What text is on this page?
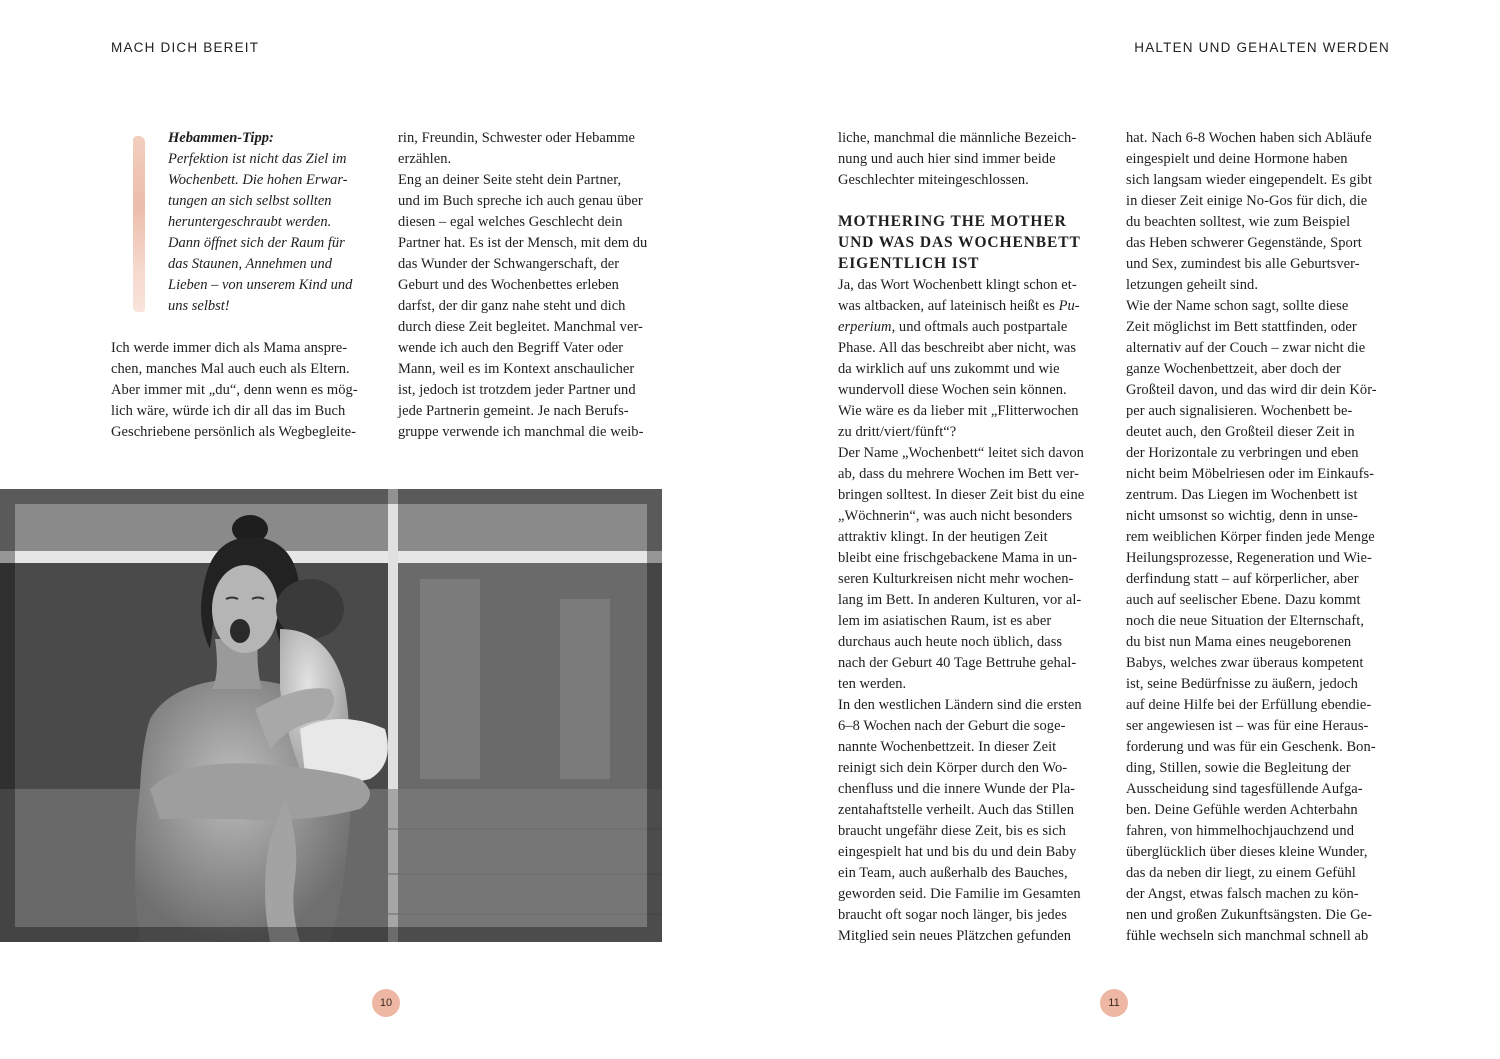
MACH DICH BEREIT
Hebammen-Tipp:
Perfektion ist nicht das Ziel im
Wochenbett. Die hohen Erwar-
tungen an sich selbst sollten
heruntergeschraubt werden.
Dann öffnet sich der Raum für
das Staunen, Annehmen und
Lieben – von unserem Kind und
uns selbst!
Ich werde immer dich als Mama anspre-
chen, manches Mal auch euch als Eltern.
Aber immer mit „du“, denn wenn es mög-
lich wäre, würde ich dir all das im Buch
Geschriebene persönlich als Wegbegleite-
rin, Freundin, Schwester oder Hebamme
erzählen.
Eng an deiner Seite steht dein Partner,
und im Buch spreche ich auch genau über
diesen – egal welches Geschlecht dein
Partner hat. Es ist der Mensch, mit dem du
das Wunder der Schwangerschaft, der
Geburt und des Wochenbettes erleben
darfst, der dir ganz nahe steht und dich
durch diese Zeit begleitet. Manchmal ver-
wende ich auch den Begriff Vater oder
Mann, weil es im Kontext anschaulicher
ist, jedoch ist trotzdem jeder Partner und
jede Partnerin gemeint. Je nach Berufs-
gruppe verwende ich manchmal die weib-
10
HALTEN UND GEHALTEN WERDEN
11
liche, manchmal die männliche Bezeich-
nung und auch hier sind immer beide
Geschlechter miteingeschlossen.
MOTHERING THE MOTHER
UND WAS DAS WOCHENBETT
EIGENTLICH IST
Ja, das Wort Wochenbett klingt schon et-
was altbacken, auf lateinisch heißt es Pu-
erperium, und oftmals auch postpartale
Phase. All das beschreibt aber nicht, was
da wirklich auf uns zukommt und wie
wundervoll diese Wochen sein können.
Wie wäre es da lieber mit „Flitterwochen
zu dritt/viert/fünft“?
Der Name „Wochenbett“ leitet sich davon
ab, dass du mehrere Wochen im Bett ver-
bringen solltest. In dieser Zeit bist du eine
„Wöchnerin“, was auch nicht besonders
attraktiv klingt. In der heutigen Zeit
bleibt eine frischgebackene Mama in un-
seren Kulturkreisen nicht mehr wochen-
lang im Bett. In anderen Kulturen, vor al-
lem im asiatischen Raum, ist es aber
durchaus auch heute noch üblich, dass
nach der Geburt 40 Tage Bettruhe gehal-
ten werden.
In den westlichen Ländern sind die ersten
6–8 Wochen nach der Geburt die soge-
nannte Wochenbettzeit. In dieser Zeit
reinigt sich dein Körper durch den Wo-
chenfluss und die innere Wunde der Pla-
zentahaftstelle verheilt. Auch das Stillen
braucht ungefähr diese Zeit, bis es sich
eingespielt hat und bis du und dein Baby
ein Team, auch außerhalb des Bauches,
geworden seid. Die Familie im Gesamten
braucht oft sogar noch länger, bis jedes
Mitglied sein neues Plätzchen gefunden
hat. Nach 6-8 Wochen haben sich Abläufe
eingespielt und deine Hormone haben
sich langsam wieder eingependelt. Es gibt
in dieser Zeit einige No-Gos für dich, die
du beachten solltest, wie zum Beispiel
das Heben schwerer Gegenstände, Sport
und Sex, zumindest bis alle Geburtsver-
letzungen geheilt sind.
Wie der Name schon sagt, sollte diese
Zeit möglichst im Bett stattfinden, oder
alternativ auf der Couch – zwar nicht die
ganze Wochenbettzeit, aber doch der
Großteil davon, und das wird dir dein Kör-
per auch signalisieren. Wochenbett be-
deutet auch, den Großteil dieser Zeit in
der Horizontale zu verbringen und eben
nicht beim Möbelriesen oder im Einkaufs-
zentrum. Das Liegen im Wochenbett ist
nicht umsonst so wichtig, denn in unse-
rem weiblichen Körper finden jede Menge
Heilungsprozesse, Regeneration und Wie-
derfindung statt – auf körperlicher, aber
auch auf seelischer Ebene. Dazu kommt
noch die neue Situation der Elternschaft,
du bist nun Mama eines neugeborenen
Babys, welches zwar überaus kompetent
ist, seine Bedürfnisse zu äußern, jedoch
auf deine Hilfe bei der Erfüllung ebendie-
ser angewiesen ist – was für eine Heraus-
forderung und was für ein Geschenk. Bon-
ding, Stillen, sowie die Begleitung der
Ausscheidung sind tagesfüllende Aufga-
ben. Deine Gefühle werden Achterbahn
fahren, von himmelhochjauchzend und
überglücklich über dieses kleine Wunder,
das da neben dir liegt, zu einem Gefühl
der Angst, etwas falsch machen zu kön-
nen und großen Zukunftsängsten. Die Ge-
fühle wechseln sich manchmal schnell ab
